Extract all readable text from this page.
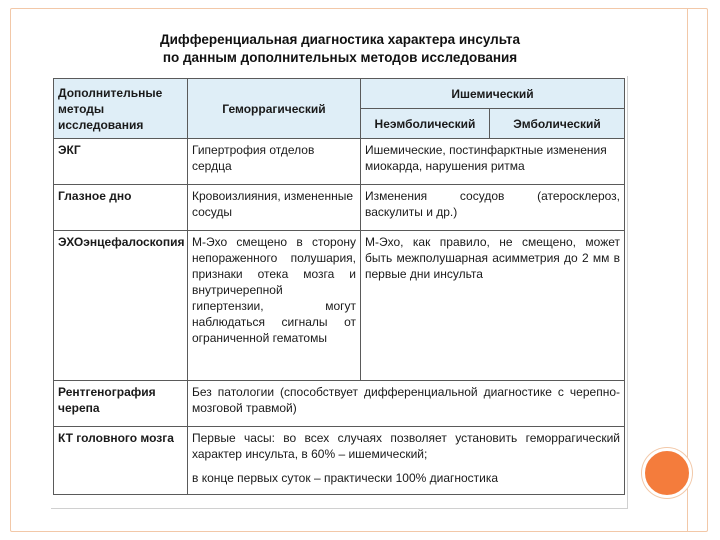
Дифференциальная диагностика характера инсульта
по данным дополнительных методов исследования
Дополнительные методы исследования	Геморрагический	Ишемический	
		Неэмболический	Эмболический
ЭКГ	Гипертрофия отделов сердца	Ишемические, постинфарктные изменения миокарда, нарушения ритма	
Глазное дно	Кровоизлияния, измененные сосуды	Изменения сосудов (атеросклероз, васкулиты и др.)	
ЭХОэнцефалоскопия	М-Эхо смещено в сторону непораженного полушария, признаки отека мозга и внутричерепной гипертензии, могут наблюдаться сигналы от ограниченной гематомы	М-Эхо, как правило, не смещено, может быть межполушарная асимметрия до 2 мм в первые дни инсульта	
Рентгенография черепа	Без патологии (способствует дифференциальной диагностике с черепно-мозговой травмой)		
КТ головного мозга	Первые часы: во всех случаях позволяет установить геморрагический характер инсульта, в 60% – ишемический;
в конце первых суток – практически 100% диагностика		
